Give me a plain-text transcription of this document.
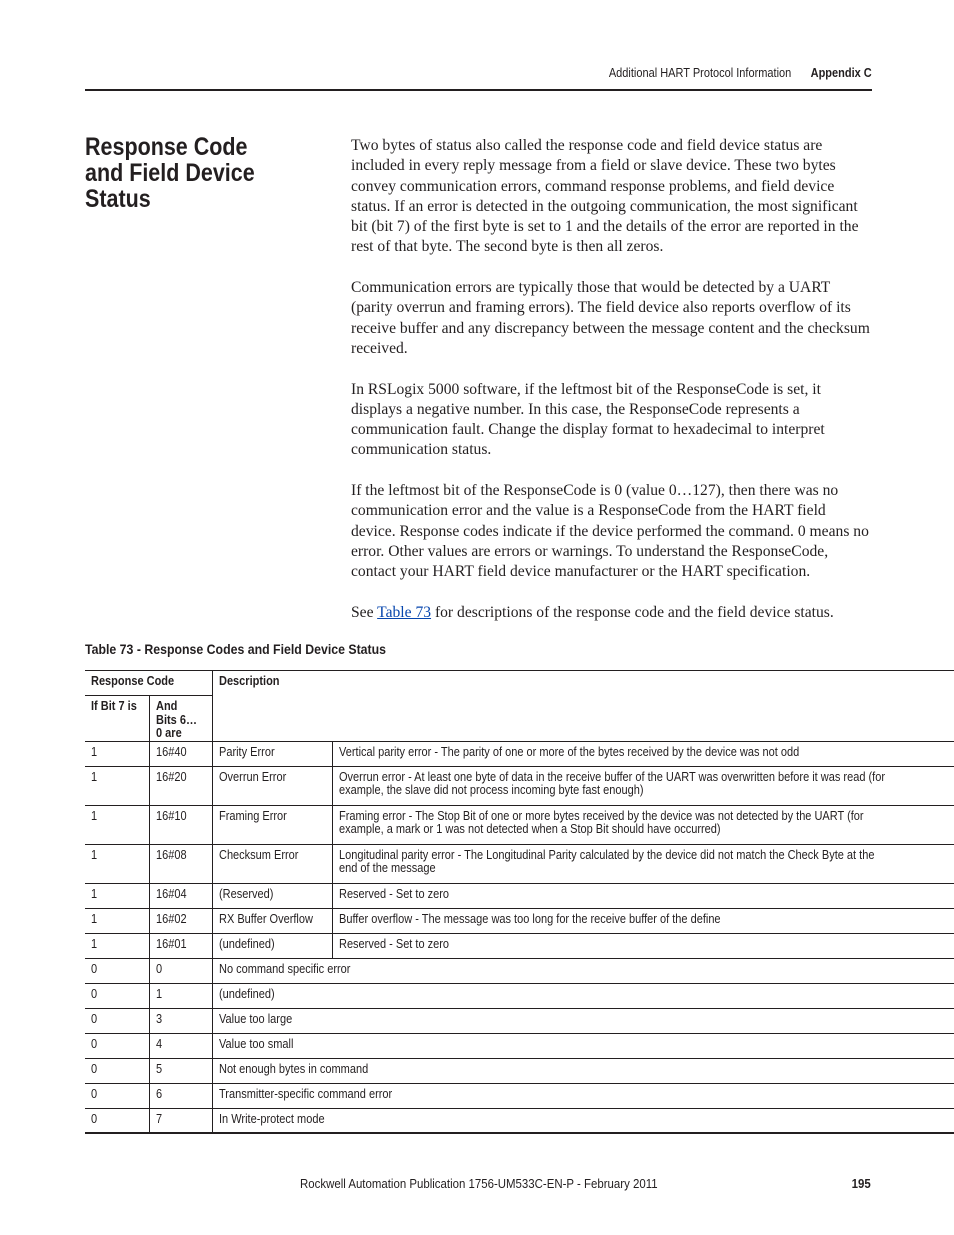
Additional HART Protocol Information Appendix C
Response Code and Field Device Status

Two bytes of status also called the response code and field device status are included in every reply message from a field or slave device. These two bytes convey communication errors, command response problems, and field device status. If an error is detected in the outgoing communication, the most significant bit (bit 7) of the first byte is set to 1 and the details of the error are reported in the rest of that byte. The second byte is then all zeros.

Communication errors are typically those that would be detected by a UART (parity overrun and framing errors). The field device also reports overflow of its receive buffer and any discrepancy between the message content and the checksum received.

In RSLogix 5000 software, if the leftmost bit of the ResponseCode is set, it displays a negative number. In this case, the ResponseCode represents a communication fault. Change the display format to hexadecimal to interpret communication status.

If the leftmost bit of the ResponseCode is 0 (value 0…127), then there was no communication error and the value is a ResponseCode from the HART field device. Response codes indicate if the device performed the command. 0 means no error. Other values are errors or warnings. To understand the ResponseCode, contact your HART field device manufacturer or the HART specification.

See Table 73 for descriptions of the response code and the field device status.

Table 73 - Response Codes and Field Device Status
Response Code		Description	
If Bit 7 is	And Bits 6…0 are		
1	16#40	Parity Error	Vertical parity error - The parity of one or more of the bytes received by the device was not odd
1	16#20	Overrun Error	Overrun error - At least one byte of data in the receive buffer of the UART was overwritten before it was read (for example, the slave did not process incoming byte fast enough)
1	16#10	Framing Error	Framing error - The Stop Bit of one or more bytes received by the device was not detected by the UART (for example, a mark or 1 was not detected when a Stop Bit should have occurred)
1	16#08	Checksum Error	Longitudinal parity error - The Longitudinal Parity calculated by the device did not match the Check Byte at the end of the message
1	16#04	(Reserved)	Reserved - Set to zero
1	16#02	RX Buffer Overflow	Buffer overflow - The message was too long for the receive buffer of the define
1	16#01	(undefined)	Reserved - Set to zero
0	0	No command specific error	
0	1	(undefined)	
0	3	Value too large	
0	4	Value too small	
0	5	Not enough bytes in command	
0	6	Transmitter-specific command error	
0	7	In Write-protect mode	
Rockwell Automation Publication 1756-UM533C-EN-P - February 2011	195
